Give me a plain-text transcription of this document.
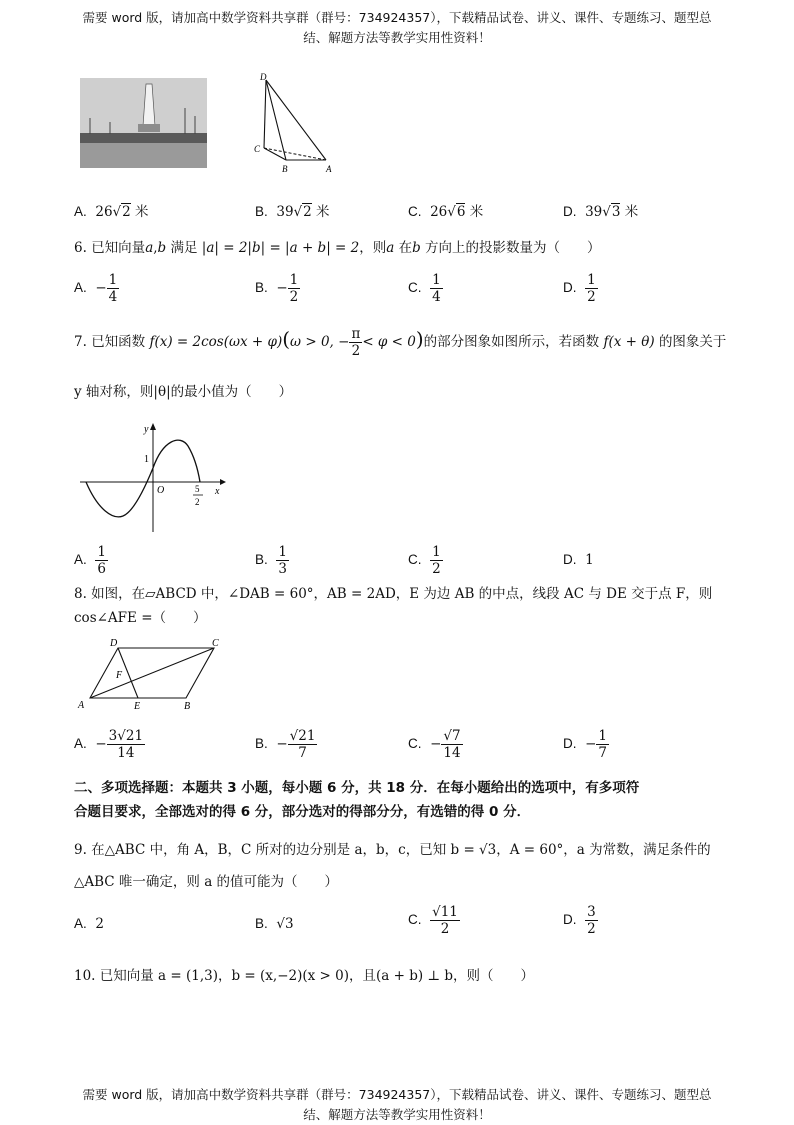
需要 word 版，请加高中数学资料共享群（群号：734924357），下载精品试卷、讲义、课件、专题练习、题型总
结、解题方法等教学实用性资料！
D
C
B	A
A. 26√2 米	B. 39√2 米	C. 26√6 米	D. 39√3 米
6. 已知向量a,b 满足 |a| = 2|b| = |a + b| = 2，则a 在b 方向上的投影数量为（　　）
A. − $\frac{1}{4}$	B. − $\frac{1}{2}$	C. $\frac{1}{4}$	D. $\frac{1}{2}$
7. 已知函数 f(x) = 2cos(ωx + φ)(ω > 0, − $\frac{\pi}{2} < \varphi < 0$)的部分图象如图所示，若函数 f(x + θ) 的图象关于
y 轴对称，则|θ|的最小值为（　　）
y
1
O	x
5
2
A. $\frac{1}{6}$	B. $\frac{1}{3}$	C. $\frac{1}{2}$	D. 1
8. 如图，在▱ABCD 中，∠DAB = 60°，AB = 2AD，E 为边 AB 的中点，线段 AC 与 DE 交于点 F，则
cos∠AFE =（　　）
D	C
F
A	E	B
A. − $\frac{3√21}{14}$	B. − $\frac{√21}{7}$	C. − $\frac{√7}{14}$	D. − $\frac{1}{7}$
二、多项选择题：本题共 3 小题，每小题 6 分，共 18 分．在每小题给出的选项中，有多项符
合题目要求，全部选对的得 6 分，部分选对的得部分分，有选错的得 0 分．
9. 在△ABC 中，角 A，B，C 所对的边分别是 a，b，c，已知 b = √3，A = 60°，a 为常数，满足条件的
△ABC 唯一确定，则 a 的值可能为（　　）
A. 2	B. √3	C. $\frac{√11}{2}$	D. $\frac{3}{2}$
10. 已知向量 a = (1,3)，b = (x,−2)(x > 0)，且(a + b) ⊥ b，则（　　）
需要 word 版，请加高中数学资料共享群（群号：734924357），下载精品试卷、讲义、课件、专题练习、题型总
结、解题方法等教学实用性资料！
